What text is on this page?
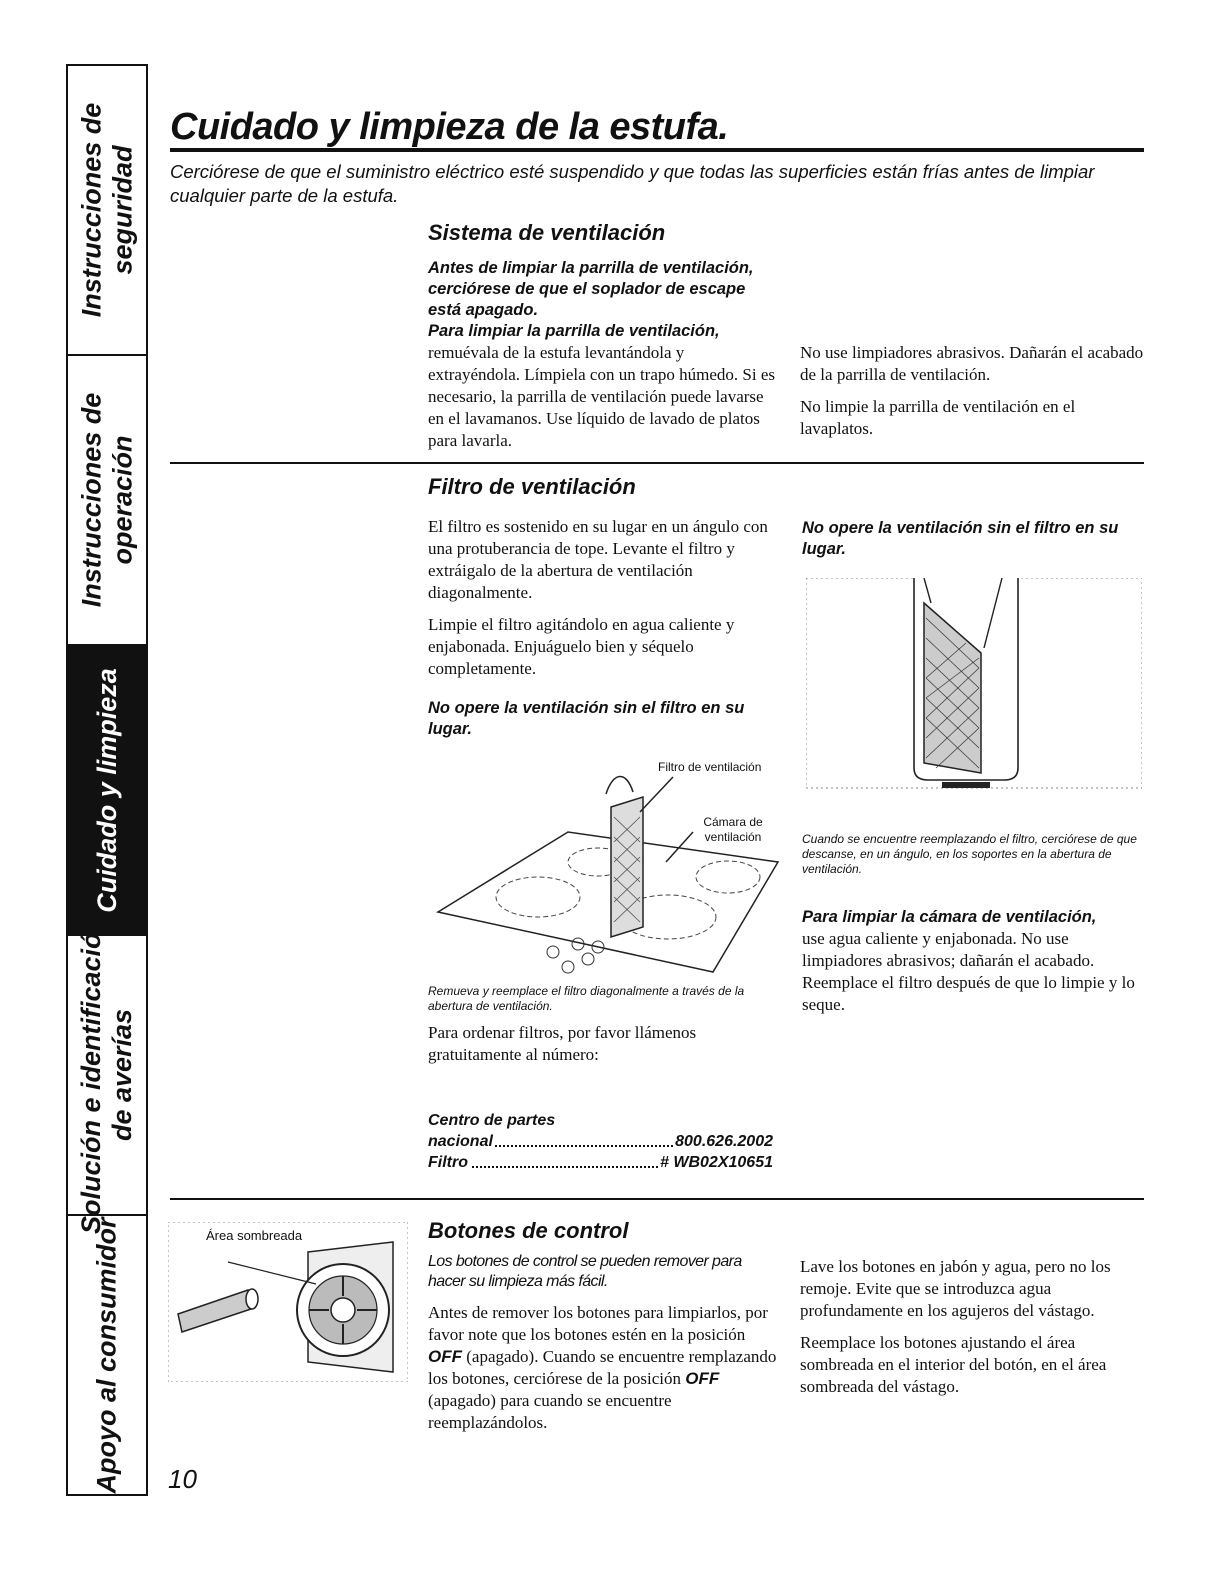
Instrucciones de
seguridad
Instrucciones de
operación
Cuidado y limpieza
Solución e identificación
de averías
Apoyo al consumidor
Cuidado y limpieza de la estufa.
Cerciórese de que el suministro eléctrico esté suspendido y que todas las superficies están frías antes de limpiar cualquier parte de la estufa.
Sistema de ventilación
Antes de limpiar la parrilla de ventilación, cerciórese de que el soplador de escape está apagado.
Para limpiar la parrilla de ventilación, remuévala de la estufa levantándola y extrayéndola. Límpiela con un trapo húmedo. Si es necesario, la parrilla de ventilación puede lavarse en el lavamanos. Use líquido de lavado de platos para lavarla.

No use limpiadores abrasivos. Dañarán el acabado de la parrilla de ventilación.

No limpie la parrilla de ventilación en el lavaplatos.

Filtro de ventilación

El filtro es sostenido en su lugar en un ángulo con una protuberancia de tope. Levante el filtro y extráigalo de la abertura de ventilación diagonalmente.

Limpie el filtro agitándolo en agua caliente y enjabonada. Enjuáguelo bien y séquelo completamente.

No opere la ventilación sin el filtro en su lugar.
Filtro de ventilación
Cámara de ventilación
Remueva y reemplace el filtro diagonalmente a través de la abertura de ventilación.
Para ordenar filtros, por favor llámenos gratuitamente al número:
Centro de partes
nacional	800.626.2002
Filtro	# WB02X10651
No opere la ventilación sin el filtro en su lugar.
Cuando se encuentre reemplazando el filtro, cerciórese de que descanse, en un ángulo, en los soportes en la abertura de ventilación.
Para limpiar la cámara de ventilación,
use agua caliente y enjabonada. No use limpiadores abrasivos; dañarán el acabado. Reemplace el filtro después de que lo limpie y lo seque.
Área sombreada	Botones de control
Los botones de control se pueden remover para hacer su limpieza más fácil.
Antes de remover los botones para limpiarlos, por favor note que los botones estén en la posición OFF (apagado). Cuando se encuentre remplazando los botones, cerciórese de la posición OFF (apagado) para cuando se encuentre reemplazándolos.

Lave los botones en jabón y agua, pero no los remoje. Evite que se introduzca agua profundamente en los agujeros del vástago.

Reemplace los botones ajustando el área sombreada en el interior del botón, en el área sombreada del vástago.

10
